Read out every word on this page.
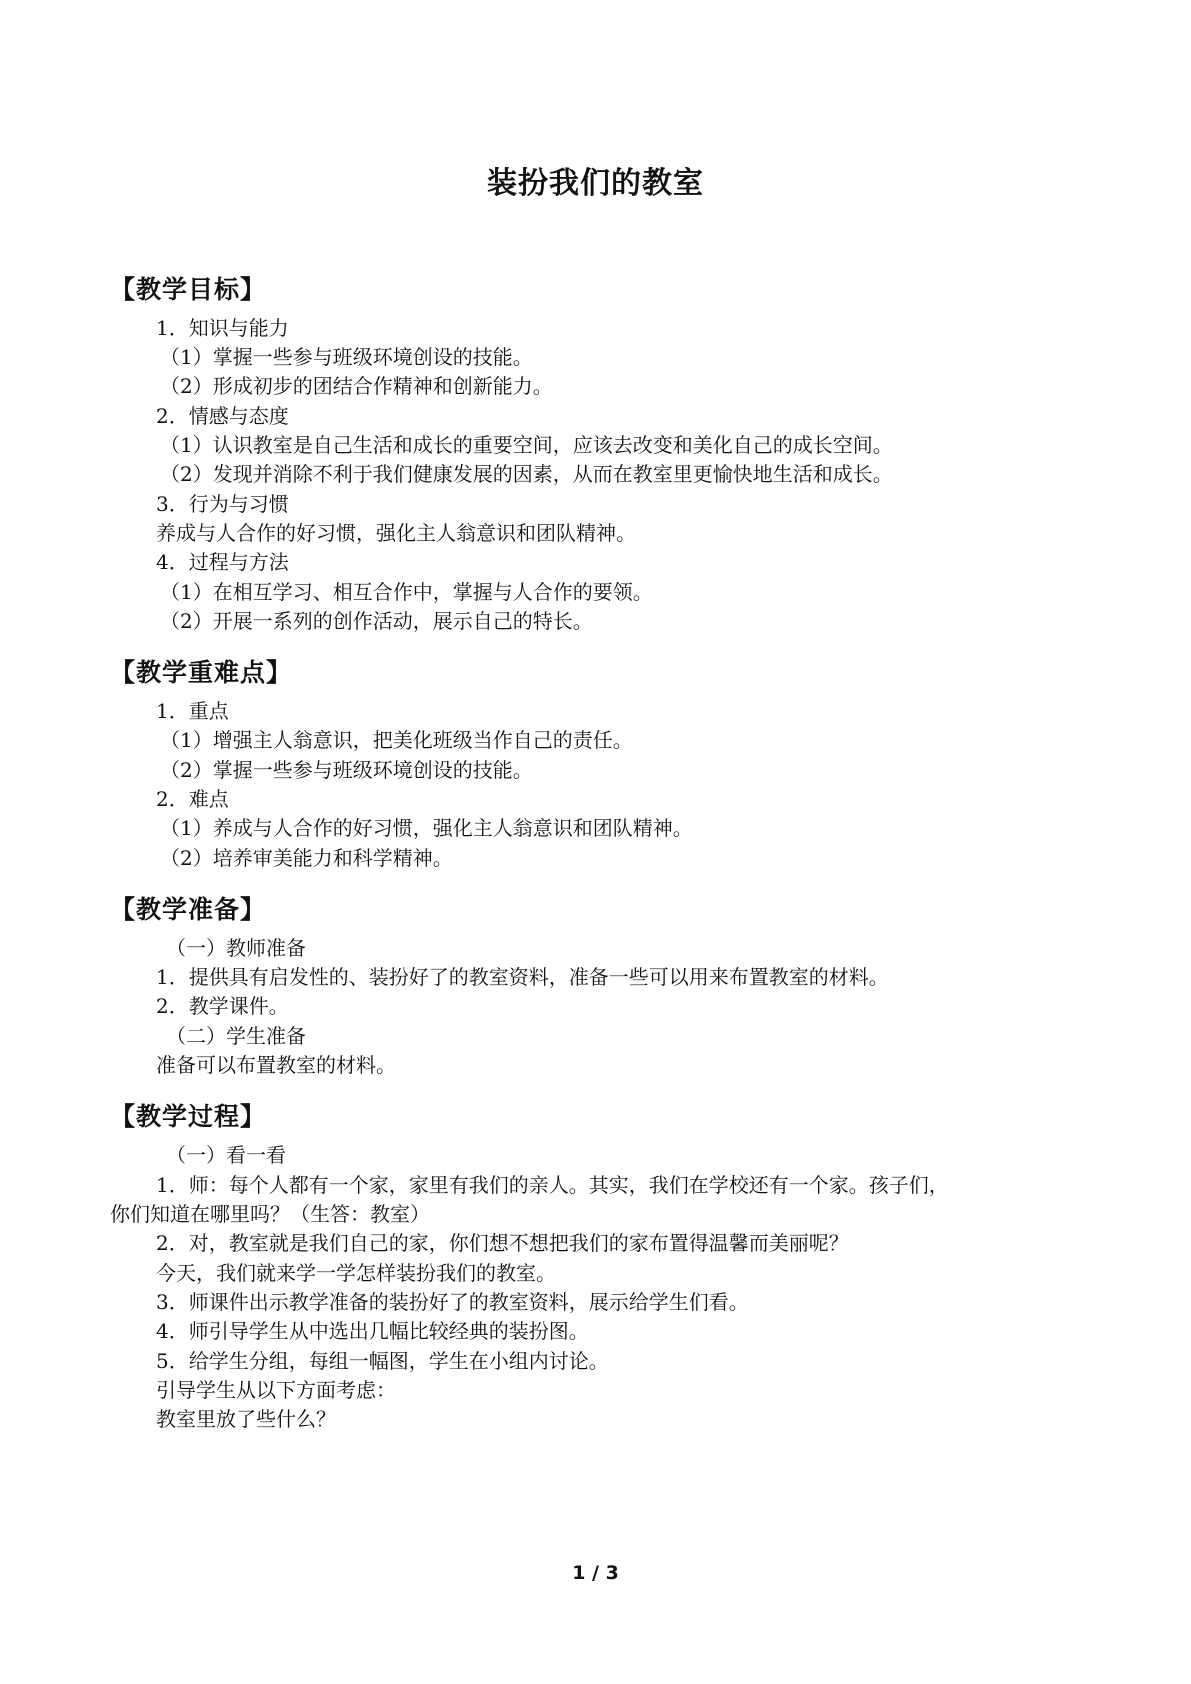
装扮我们的教室
【教学目标】
1．知识与能力
（1）掌握一些参与班级环境创设的技能。
（2）形成初步的团结合作精神和创新能力。
2．情感与态度
（1）认识教室是自己生活和成长的重要空间，应该去改变和美化自己的成长空间。
（2）发现并消除不利于我们健康发展的因素，从而在教室里更愉快地生活和成长。
3．行为与习惯
养成与人合作的好习惯，强化主人翁意识和团队精神。
4．过程与方法
（1）在相互学习、相互合作中，掌握与人合作的要领。
（2）开展一系列的创作活动，展示自己的特长。
【教学重难点】
1．重点
（1）增强主人翁意识，把美化班级当作自己的责任。
（2）掌握一些参与班级环境创设的技能。
2．难点
（1）养成与人合作的好习惯，强化主人翁意识和团队精神。
（2）培养审美能力和科学精神。
【教学准备】
（一）教师准备
1．提供具有启发性的、装扮好了的教室资料，准备一些可以用来布置教室的材料。
2．教学课件。
（二）学生准备
准备可以布置教室的材料。
【教学过程】
（一）看一看
1．师：每个人都有一个家，家里有我们的亲人。其实，我们在学校还有一个家。孩子们，
你们知道在哪里吗？（生答：教室）
2．对，教室就是我们自己的家，你们想不想把我们的家布置得温馨而美丽呢？
今天，我们就来学一学怎样装扮我们的教室。
3．师课件出示教学准备的装扮好了的教室资料，展示给学生们看。
4．师引导学生从中选出几幅比较经典的装扮图。
5．给学生分组，每组一幅图，学生在小组内讨论。
引导学生从以下方面考虑：
教室里放了些什么？
1 / 3
